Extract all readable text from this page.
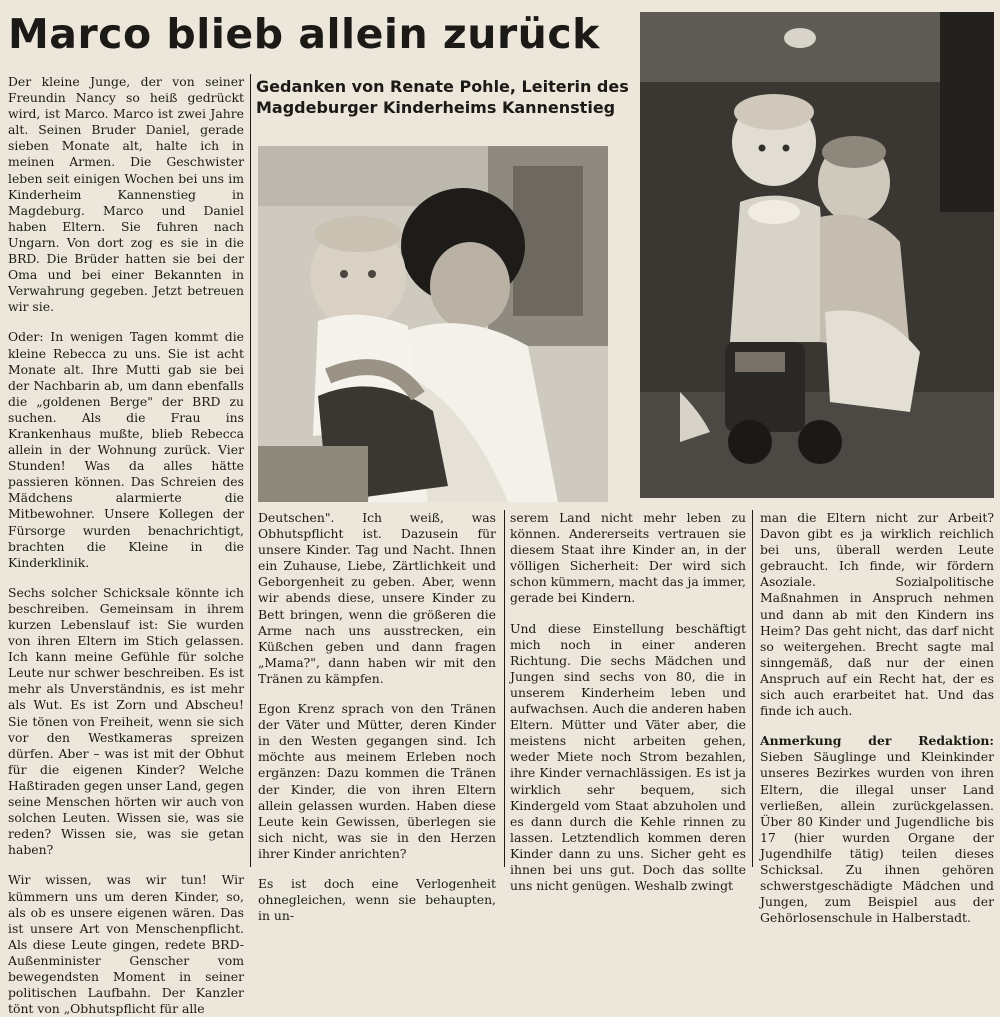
Marco blieb allein zurück
Gedanken von Renate Pohle, Leiterin des Magdeburger Kinderheims Kannenstieg

Der kleine Junge, der von seiner Freundin Nancy so heiß gedrückt wird, ist Marco. Marco ist zwei Jahre alt. Seinen Bruder Daniel, gerade sieben Monate alt, halte ich in meinen Armen. Die Geschwister leben seit einigen Wochen bei uns im Kinderheim Kannenstieg in Magdeburg. Marco und Daniel haben Eltern. Sie fuhren nach Ungarn. Von dort zog es sie in die BRD. Die Brüder hatten sie bei der Oma und bei einer Bekannten in Verwahrung gegeben. Jetzt betreuen wir sie.

Oder: In wenigen Tagen kommt die kleine Rebecca zu uns. Sie ist acht Monate alt. Ihre Mutti gab sie bei der Nachbarin ab, um dann ebenfalls die „goldenen Berge" der BRD zu suchen. Als die Frau ins Krankenhaus mußte, blieb Rebecca allein in der Wohnung zurück. Vier Stunden! Was da alles hätte passieren können. Das Schreien des Mädchens alarmierte die Mitbewohner. Unsere Kollegen der Fürsorge wurden benachrichtigt, brachten die Kleine in die Kinderklinik.

Sechs solcher Schicksale könnte ich beschreiben. Gemeinsam in ihrem kurzen Lebenslauf ist: Sie wurden von ihren Eltern im Stich gelassen. Ich kann meine Gefühle für solche Leute nur schwer beschreiben. Es ist mehr als Unverständnis, es ist mehr als Wut. Es ist Zorn und Abscheu! Sie tönen von Freiheit, wenn sie sich vor den Westkameras spreizen dürfen. Aber – was ist mit der Obhut für die eigenen Kinder? Welche Haßtiraden gegen unser Land, gegen seine Menschen hörten wir auch von solchen Leuten. Wissen sie, was sie reden? Wissen sie, was sie getan haben?

Wir wissen, was wir tun! Wir kümmern uns um deren Kinder, so, als ob es unsere eigenen wären. Das ist unsere Art von Menschenpflicht. Als diese Leute gingen, redete BRD-Außenminister Genscher vom bewegendsten Moment in seiner politischen Laufbahn. Der Kanzler tönt von „Obhutspflicht für alle

Deutschen". Ich weiß, was Obhutspflicht ist. Dazusein für unsere Kinder. Tag und Nacht. Ihnen ein Zuhause, Liebe, Zärtlichkeit und Geborgenheit zu geben. Aber, wenn wir abends diese, unsere Kinder zu Bett bringen, wenn die größeren die Arme nach uns ausstrecken, ein Küßchen geben und dann fragen „Mama?", dann haben wir mit den Tränen zu kämpfen.

Egon Krenz sprach von den Tränen der Väter und Mütter, deren Kinder in den Westen gegangen sind. Ich möchte aus meinem Erleben noch ergänzen: Dazu kommen die Tränen der Kinder, die von ihren Eltern allein gelassen wurden. Haben diese Leute kein Gewissen, überlegen sie sich nicht, was sie in den Herzen ihrer Kinder anrichten?

Es ist doch eine Verlogenheit ohnegleichen, wenn sie behaupten, in un-

serem Land nicht mehr leben zu können. Andererseits vertrauen sie diesem Staat ihre Kinder an, in der völligen Sicherheit: Der wird sich schon kümmern, macht das ja immer, gerade bei Kindern.

Und diese Einstellung beschäftigt mich noch in einer anderen Richtung. Die sechs Mädchen und Jungen sind sechs von 80, die in unserem Kinderheim leben und aufwachsen. Auch die anderen haben Eltern. Mütter und Väter aber, die meistens nicht arbeiten gehen, weder Miete noch Strom bezahlen, ihre Kinder vernachlässigen. Es ist ja wirklich sehr bequem, sich Kindergeld vom Staat abzuholen und es dann durch die Kehle rinnen zu lassen. Letztendlich kommen deren Kinder dann zu uns. Sicher geht es ihnen bei uns gut. Doch das sollte uns nicht genügen. Weshalb zwingt

man die Eltern nicht zur Arbeit? Davon gibt es ja wirklich reichlich bei uns, überall werden Leute gebraucht. Ich finde, wir fördern Asoziale. Sozialpolitische Maßnahmen in Anspruch nehmen und dann ab mit den Kindern ins Heim? Das geht nicht, das darf nicht so weitergehen. Brecht sagte mal sinngemäß, daß nur der einen Anspruch auf ein Recht hat, der es sich auch erarbeitet hat. Und das finde ich auch.

Anmerkung der Redaktion: Sieben Säuglinge und Kleinkinder unseres Bezirkes wurden von ihren Eltern, die illegal unser Land verließen, allein zurückgelassen. Über 80 Kinder und Jugendliche bis 17 (hier wurden Organe der Jugendhilfe tätig) teilen dieses Schicksal. Zu ihnen gehören schwerstgeschädigte Mädchen und Jungen, zum Beispiel aus der Gehörlosenschule in Halberstadt.
